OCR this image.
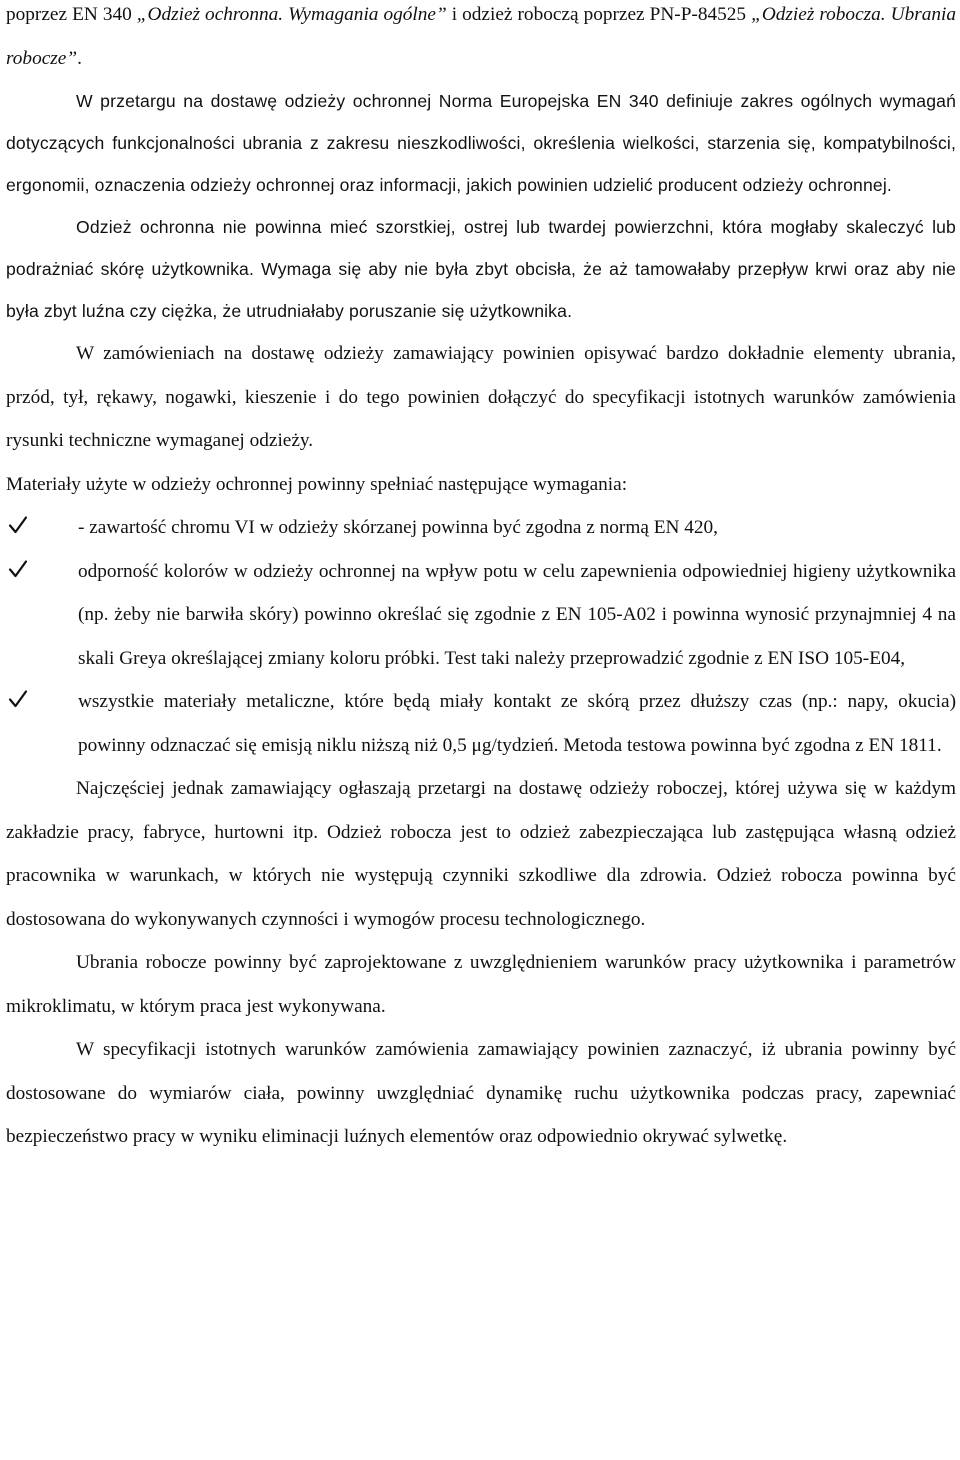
poprzez EN 340 „Odzież ochronna. Wymagania ogólne” i odzież roboczą poprzez PN-P-84525 „Odzież robocza. Ubrania robocze”.

W przetargu na dostawę odzieży ochronnej Norma Europejska EN 340 definiuje zakres ogólnych wymagań dotyczących funkcjonalności ubrania z zakresu nieszkodliwości, określenia wielkości, starzenia się, kompatybilności, ergonomii, oznaczenia odzieży ochronnej oraz informacji, jakich powinien udzielić producent odzieży ochronnej.

Odzież ochronna nie powinna mieć szorstkiej, ostrej lub twardej powierzchni, która mogłaby skaleczyć lub podrażniać skórę użytkownika. Wymaga się aby nie była zbyt obcisła, że aż tamowałaby przepływ krwi oraz aby nie była zbyt luźna czy ciężka, że utrudniałaby poruszanie się użytkownika.

W zamówieniach na dostawę odzieży zamawiający powinien opisywać bardzo dokładnie elementy ubrania, przód, tył, rękawy, nogawki, kieszenie i do tego powinien dołączyć do specyfikacji istotnych warunków zamówienia rysunki techniczne wymaganej odzieży.

Materiały użyte w odzieży ochronnej powinny spełniać następujące wymagania:

- zawartość chromu VI w odzieży skórzanej powinna być zgodna z normą EN 420,
odporność kolorów w odzieży ochronnej na wpływ potu w celu zapewnienia odpowiedniej higieny użytkownika (np. żeby nie barwiła skóry) powinno określać się zgodnie z EN 105-A02 i powinna wynosić przynajmniej 4 na skali Greya określającej zmiany koloru próbki. Test taki należy przeprowadzić zgodnie z EN ISO 105-E04,
wszystkie materiały metaliczne, które będą miały kontakt ze skórą przez dłuższy czas (np.: napy, okucia) powinny odznaczać się emisją niklu niższą niż 0,5 μg/tydzień. Metoda testowa powinna być zgodna z EN 1811.

Najczęściej jednak zamawiający ogłaszają przetargi na dostawę odzieży roboczej, której używa się w każdym zakładzie pracy, fabryce, hurtowni itp. Odzież robocza jest to odzież zabezpieczająca lub zastępująca własną odzież pracownika w warunkach, w których nie występują czynniki szkodliwe dla zdrowia. Odzież robocza powinna być dostosowana do wykonywanych czynności i wymogów procesu technologicznego.

Ubrania robocze powinny być zaprojektowane z uwzględnieniem warunków pracy użytkownika i parametrów mikroklimatu, w którym praca jest wykonywana.

W specyfikacji istotnych warunków zamówienia zamawiający powinien zaznaczyć, iż ubrania powinny być dostosowane do wymiarów ciała, powinny uwzględniać dynamikę ruchu użytkownika podczas pracy, zapewniać bezpieczeństwo pracy w wyniku eliminacji luźnych elementów oraz odpowiednio okrywać sylwetkę.
